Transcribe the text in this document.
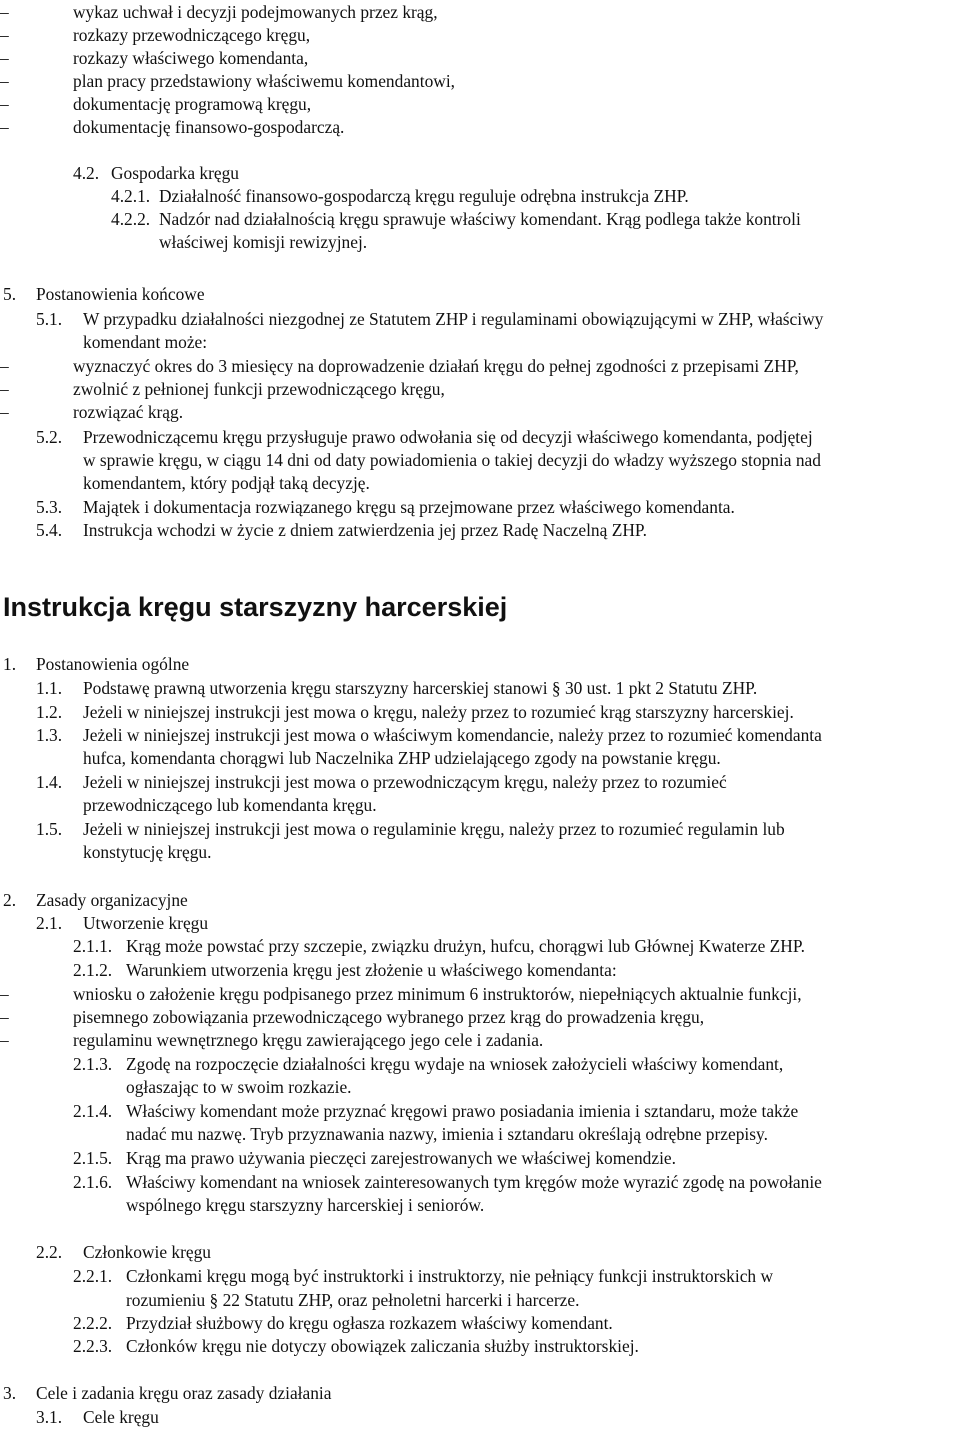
–	wykaz uchwał i decyzji podejmowanych przez krąg,
–	rozkazy przewodniczącego kręgu,
–	rozkazy właściwego komendanta,
–	plan pracy przedstawiony właściwemu komendantowi,
–	dokumentację programową kręgu,
–	dokumentację finansowo-gospodarczą.
4.2. Gospodarka kręgu
4.2.1. Działalność finansowo-gospodarczą kręgu reguluje odrębna instrukcja ZHP.
4.2.2. Nadzór nad działalnością kręgu sprawuje właściwy komendant. Krąg podlega także kontroli
właściwej komisji rewizyjnej.
5. Postanowienia końcowe
5.1. W przypadku działalności niezgodnej ze Statutem ZHP i regulaminami obowiązującymi w ZHP, właściwy
komendant może:
–	wyznaczyć okres do 3 miesięcy na doprowadzenie działań kręgu do pełnej zgodności z przepisami ZHP,
–	zwolnić z pełnionej funkcji przewodniczącego kręgu,
–	rozwiązać krąg.
5.2. Przewodniczącemu kręgu przysługuje prawo odwołania się od decyzji właściwego komendanta, podjętej
w sprawie kręgu, w ciągu 14 dni od daty powiadomienia o takiej decyzji do władzy wyższego stopnia nad
komendantem, który podjął taką decyzję.
5.3. Majątek i dokumentacja rozwiązanego kręgu są przejmowane przez właściwego komendanta.
5.4. Instrukcja wchodzi w życie z dniem zatwierdzenia jej przez Radę Naczelną ZHP.
Instrukcja kręgu starszyzny harcerskiej
1. Postanowienia ogólne
1.1. Podstawę prawną utworzenia kręgu starszyzny harcerskiej stanowi § 30 ust. 1 pkt 2 Statutu ZHP.
1.2. Jeżeli w niniejszej instrukcji jest mowa o kręgu, należy przez to rozumieć krąg starszyzny harcerskiej.
1.3. Jeżeli w niniejszej instrukcji jest mowa o właściwym komendancie, należy przez to rozumieć komendanta
hufca, komendanta chorągwi lub Naczelnika ZHP udzielającego zgody na powstanie kręgu.
1.4. Jeżeli w niniejszej instrukcji jest mowa o przewodniczącym kręgu, należy przez to rozumieć
przewodniczącego lub komendanta kręgu.
1.5. Jeżeli w niniejszej instrukcji jest mowa o regulaminie kręgu, należy przez to rozumieć regulamin lub
konstytucję kręgu.
2. Zasady organizacyjne
2.1. Utworzenie kręgu
2.1.1. Krąg może powstać przy szczepie, związku drużyn, hufcu, chorągwi lub Głównej Kwaterze ZHP.
2.1.2. Warunkiem utworzenia kręgu jest złożenie u właściwego komendanta:
–	wniosku o założenie kręgu podpisanego przez minimum 6 instruktorów, niepełniących aktualnie funkcji,
–	pisemnego zobowiązania przewodniczącego wybranego przez krąg do prowadzenia kręgu,
–	regulaminu wewnętrznego kręgu zawierającego jego cele i zadania.
2.1.3. Zgodę na rozpoczęcie działalności kręgu wydaje na wniosek założycieli właściwy komendant,
ogłaszając to w swoim rozkazie.
2.1.4. Właściwy komendant może przyznać kręgowi prawo posiadania imienia i sztandaru, może także
nadać mu nazwę. Tryb przyznawania nazwy, imienia i sztandaru określają odrębne przepisy.
2.1.5. Krąg ma prawo używania pieczęci zarejestrowanych we właściwej komendzie.
2.1.6. Właściwy komendant na wniosek zainteresowanych tym kręgów może wyrazić zgodę na powołanie
wspólnego kręgu starszyzny harcerskiej i seniorów.
2.2. Członkowie kręgu
2.2.1. Członkami kręgu mogą być instruktorki i instruktorzy, nie pełniący funkcji instruktorskich w
rozumieniu § 22 Statutu ZHP, oraz pełnoletni harcerki i harcerze.
2.2.2. Przydział służbowy do kręgu ogłasza rozkazem właściwy komendant.
2.2.3. Członków kręgu nie dotyczy obowiązek zaliczania służby instruktorskiej.
3. Cele i zadania kręgu oraz zasady działania
3.1. Cele kręgu
